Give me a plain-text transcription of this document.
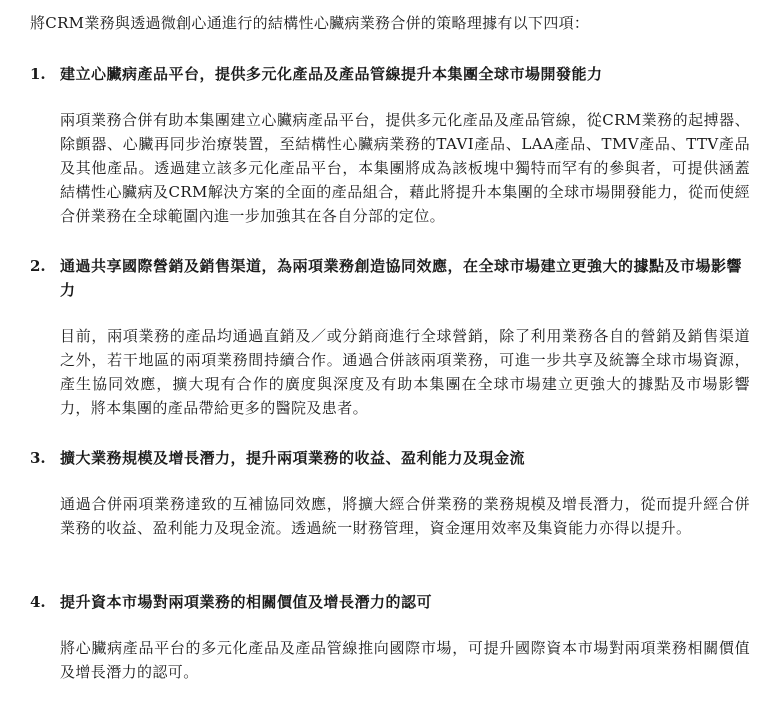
將CRM業務與透過微創心通進行的結構性心臟病業務合併的策略理據有以下四項：
1. 建立心臟病產品平台，提供多元化產品及產品管線提升本集團全球市場開發能力
兩項業務合併有助本集團建立心臟病產品平台，提供多元化產品及產品管線，從CRM業務的起搏器、除顫器、心臟再同步治療裝置，至結構性心臟病業務的TAVI產品、LAA產品、TMV產品、TTV產品及其他產品。透過建立該多元化產品平台，本集團將成為該板塊中獨特而罕有的參與者，可提供涵蓋結構性心臟病及CRM解決方案的全面的產品組合，藉此將提升本集團的全球市場開發能力，從而使經合併業務在全球範圍內進一步加強其在各自分部的定位。
2. 通過共享國際營銷及銷售渠道，為兩項業務創造協同效應，在全球市場建立更強大的據點及市場影響力
目前，兩項業務的產品均通過直銷及／或分銷商進行全球營銷，除了利用業務各自的營銷及銷售渠道之外，若干地區的兩項業務間持續合作。通過合併該兩項業務，可進一步共享及統籌全球市場資源，產生協同效應，擴大現有合作的廣度與深度及有助本集團在全球市場建立更強大的據點及市場影響力，將本集團的產品帶給更多的醫院及患者。
3. 擴大業務規模及增長潛力，提升兩項業務的收益、盈利能力及現金流
通過合併兩項業務達致的互補協同效應，將擴大經合併業務的業務規模及增長潛力，從而提升經合併業務的收益、盈利能力及現金流。透過統一財務管理，資金運用效率及集資能力亦得以提升。
4. 提升資本市場對兩項業務的相關價值及增長潛力的認可
將心臟病產品平台的多元化產品及產品管線推向國際市場，可提升國際資本市場對兩項業務相關價值及增長潛力的認可。
